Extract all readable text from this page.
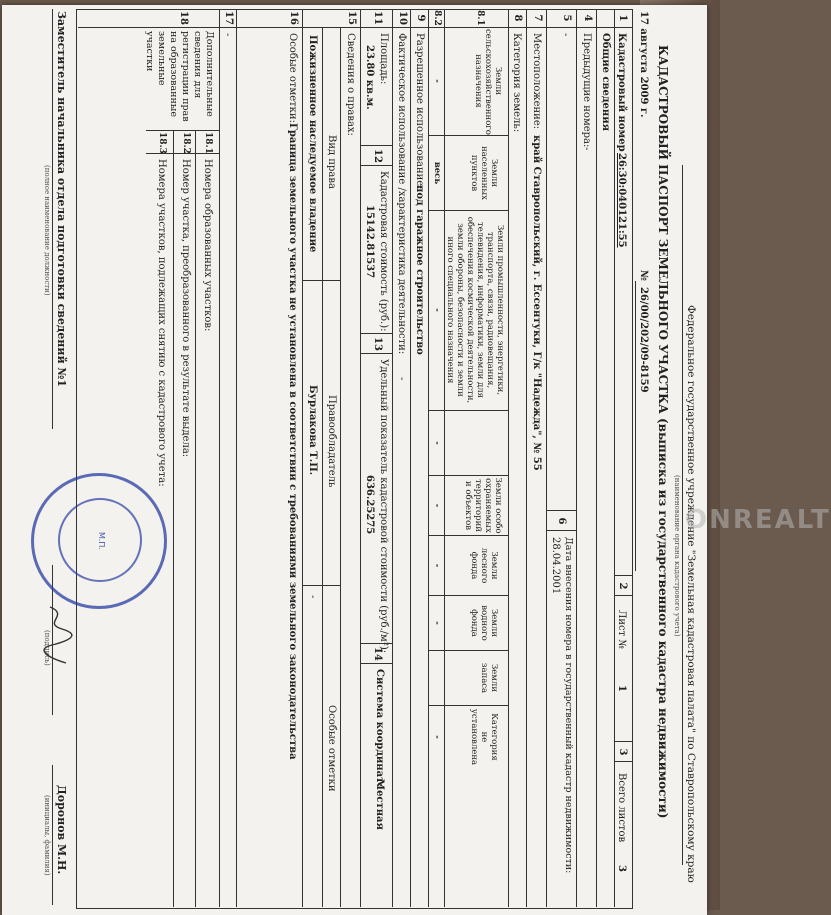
Федеральное государственное учреждение "Земельная кадастровая палата" по Ставропольскому краю
(наименование органа кадастрового учета)
КАДАСТРОВЫЙ ПАСПОРТ ЗЕМЕЛЬНОГО УЧАСТКА (выписка из государственного кадастра недвижимости)
17 августа 2009 г.
№
26/00/202/09-8159
1
Кадастровый номер
26:30:040121:55
2
Лист №
1
3
Всего листов
3
Общие сведения
4
Предыдущие номера:
-
5
-
6
Дата внесения номера в государственный кадастр недвижимости:
28.04.2001
7
Местоположение:
край Ставропольский, г. Ессентуки, Г/к "Надежда", № 55
8
Категория земель:
8.1
Земли сельскохозяйственного назначения
Земли населенных пунктов
Земли промышленности, энергетики, транспорта, связи, радиовещания, телевидения, информатики, земли для обеспечения космической деятельности, земли обороны, безопасности и земли иного специального назначения
Земли особо охраняемых территорий и объектов
Земли лесного фонда
Земли водного фонда
Земли запаса
Категория не установлена
8.2
-
весь
-
-
-
-
-
-
9
Разрешенное использование:
под гаражное строительство
10
Фактическое использование /характеристика деятельности:
-
11
Площадь:
23.80 кв.м.
12
Кадастровая стоимость (руб.):
15142.81537
13
Удельный показатель кадастровой стоимости (руб./м²):
636.25275
14
Система координат:
Местная
15
Сведения о правах:
Вид права
Правообладатель
Особые отметки
Пожизненное наследуемое владение
Бурлакова Т.П.
-
16
Особые отметки:
Граница земельного участка не установлена в соответствии с требованиями земельного законодательства
17
-
18
Дополнительные сведения для регистрации прав на образованные земельные участки
18.1
Номера образованных участков:
18.2
Номер участка, преобразованного в результате выдела:
18.3
Номера участков, подлежащих снятию с кадастрового учета:
Заместитель начальника отдела подготовки сведений №1
(полное наименование должности)
(подпись)
Доронов М.Н.
(инициалы, фамилия)
М.П.
ONREALT
